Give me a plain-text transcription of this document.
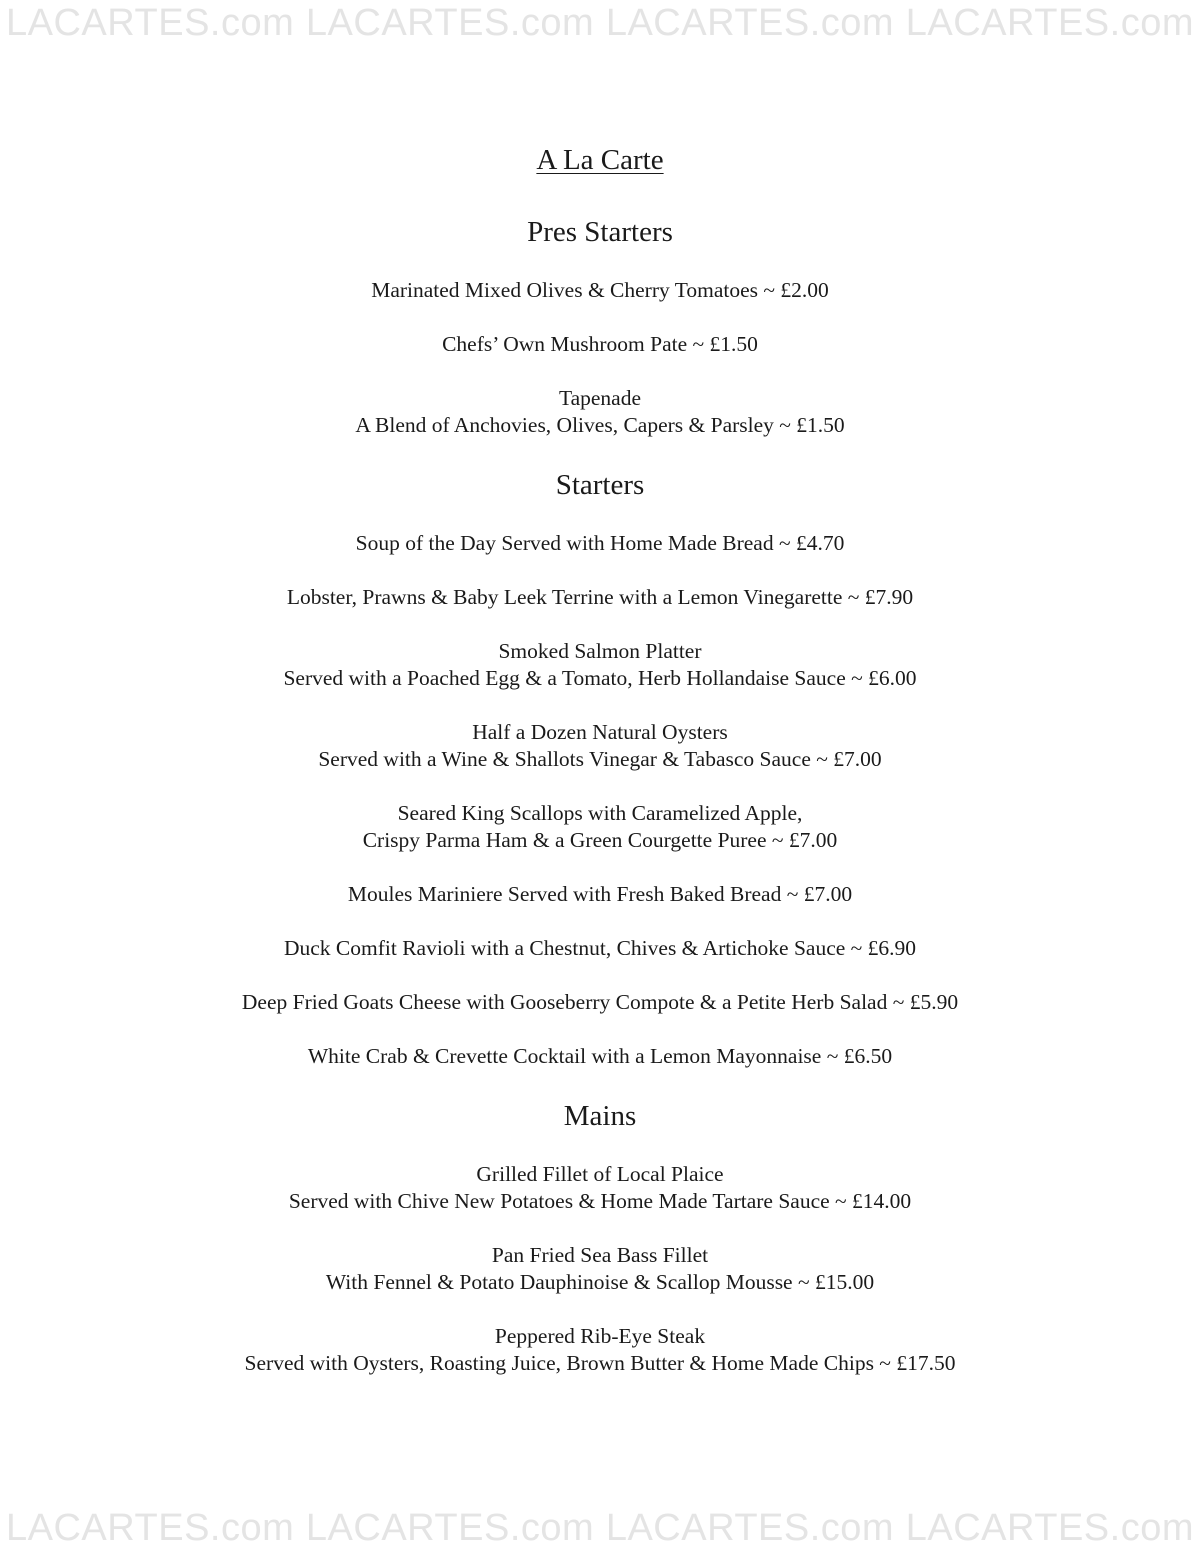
LACARTES.com LACARTES.com LACARTES.com LACARTES.com
LACARTES.com LACARTES.com LACARTES.com LACARTES.com
A La Carte
Pres Starters
Marinated Mixed Olives & Cherry Tomatoes ~ £2.00
Chefs’ Own Mushroom Pate ~ £1.50
Tapenade
A Blend of Anchovies, Olives, Capers & Parsley ~ £1.50
Starters
Soup of the Day Served with Home Made Bread ~ £4.70
Lobster, Prawns & Baby Leek Terrine with a Lemon Vinegarette ~ £7.90
Smoked Salmon Platter
Served with a Poached Egg & a Tomato, Herb Hollandaise Sauce ~ £6.00
Half a Dozen Natural Oysters
Served with a Wine & Shallots Vinegar & Tabasco Sauce ~ £7.00
Seared King Scallops with Caramelized Apple,
Crispy Parma Ham & a Green Courgette Puree ~ £7.00
Moules Mariniere Served with Fresh Baked Bread ~ £7.00
Duck Comfit Ravioli with a Chestnut, Chives & Artichoke Sauce ~ £6.90
Deep Fried Goats Cheese with Gooseberry Compote & a Petite Herb Salad ~ £5.90
White Crab & Crevette Cocktail with a Lemon Mayonnaise ~ £6.50
Mains
Grilled Fillet of Local Plaice
Served with Chive New Potatoes & Home Made Tartare Sauce ~ £14.00
Pan Fried Sea Bass Fillet
With Fennel & Potato Dauphinoise & Scallop Mousse ~ £15.00
Peppered Rib-Eye Steak
Served with Oysters, Roasting Juice, Brown Butter & Home Made Chips ~ £17.50
